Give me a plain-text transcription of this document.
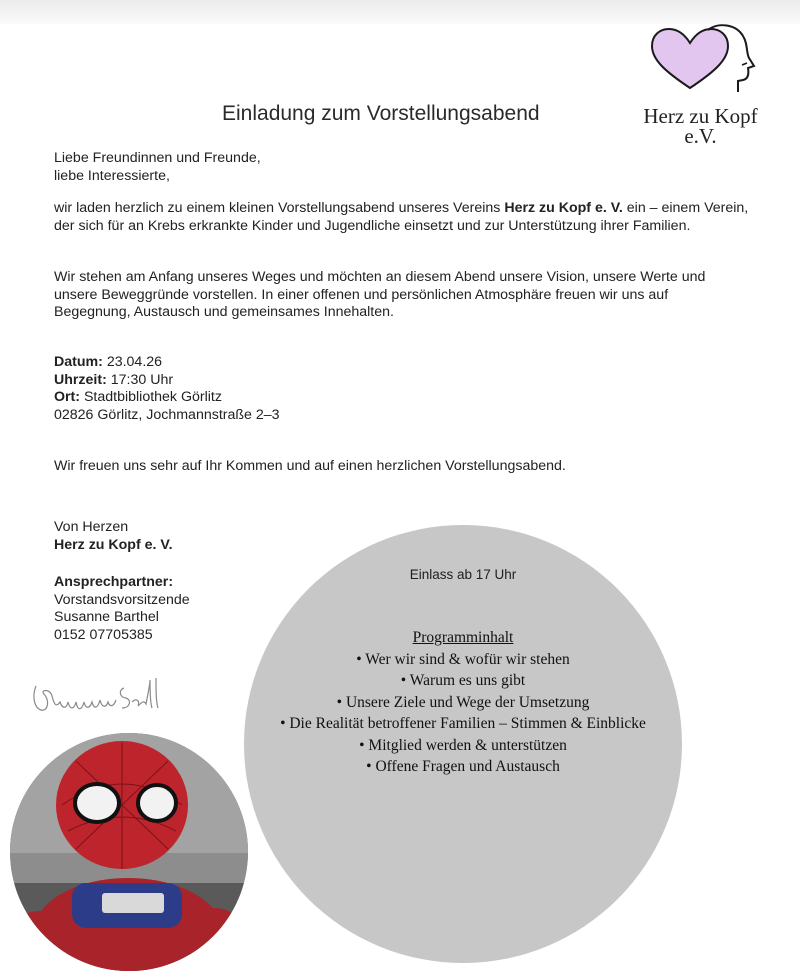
Herz zu Kopf
e.V.
Einladung zum Vorstellungsabend

Liebe Freundinnen und Freunde,

liebe Interessierte,

wir laden herzlich zu einem kleinen Vorstellungsabend unseres Vereins Herz zu Kopf e. V. ein – einem Verein, der sich für an Krebs erkrankte Kinder und Jugendliche einsetzt und zur Unterstützung ihrer Familien.

Wir stehen am Anfang unseres Weges und möchten an diesem Abend unsere Vision, unsere Werte und unsere Beweggründe vorstellen. In einer offenen und persönlichen Atmosphäre freuen wir uns auf Begegnung, Austausch und gemeinsames Innehalten.

Datum: 23.04.26

Uhrzeit: 17:30 Uhr

Ort: Stadtbibliothek Görlitz

02826 Görlitz, Jochmannstraße 2–3

Wir freuen uns sehr auf Ihr Kommen und auf einen herzlichen Vorstellungsabend.

Von Herzen

Herz zu Kopf e. V.

Ansprechpartner:

Vorstandsvorsitzende

Susanne Barthel

0152 07705385

Einlass ab 17 Uhr
Programminhalt
• Wer wir sind & wofür wir stehen
• Warum es uns gibt
• Unsere Ziele und Wege der Umsetzung
• Die Realität betroffener Familien – Stimmen & Einblicke
• Mitglied werden & unterstützen
• Offene Fragen und Austausch
